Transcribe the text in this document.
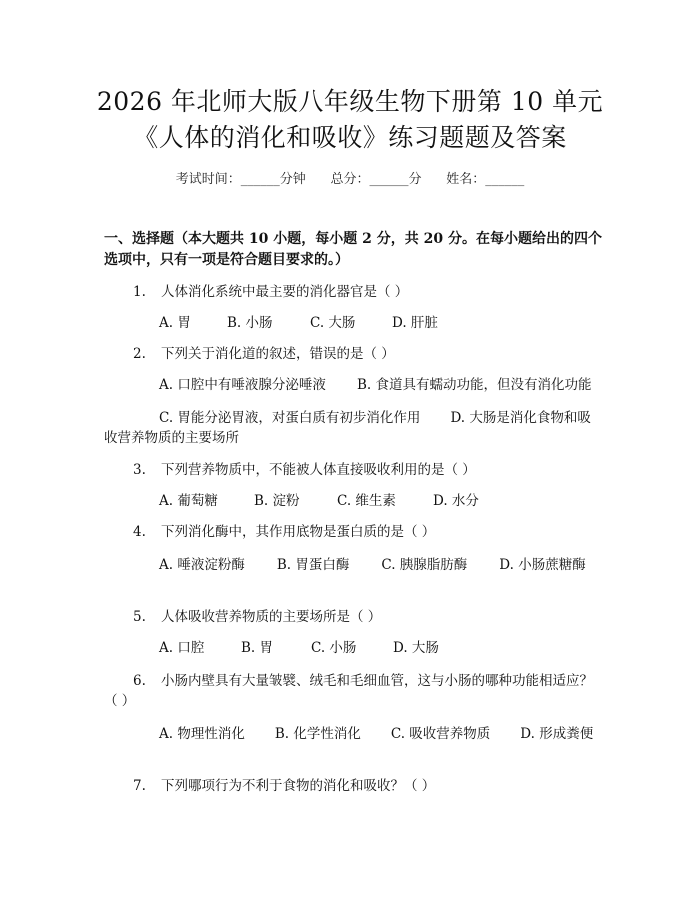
2026 年北师大版八年级生物下册第 10 单元
《人体的消化和吸收》练习题题及答案
考试时间：______分钟      总分：______分      姓名：______
一、选择题（本大题共 10 小题，每小题 2 分，共 20 分。在每小题给出的四个选项中，只有一项是符合题目要求的。）
1. 人体消化系统中最主要的消化器官是（ ）
A. 胃	B. 小肠	C. 大肠	D. 肝脏
2. 下列关于消化道的叙述，错误的是（ ）
A. 口腔中有唾液腺分泌唾液 B. 食道具有蠕动功能，但没有消化功能
C. 胃能分泌胃液，对蛋白质有初步消化作用 D. 大肠是消化食物和吸收营养物质的主要场所
3. 下列营养物质中，不能被人体直接吸收利用的是（ ）
A. 葡萄糖	B. 淀粉	C. 维生素	D. 水分
4. 下列消化酶中，其作用底物是蛋白质的是（ ）
A. 唾液淀粉酶 B. 胃蛋白酶 C. 胰腺脂肪酶 D. 小肠蔗糖酶
5. 人体吸收营养物质的主要场所是（ ）
A. 口腔	B. 胃	C. 小肠	D. 大肠
6. 小肠内壁具有大量皱襞、绒毛和毛细血管，这与小肠的哪种功能相适应？（ ）
A. 物理性消化 B. 化学性消化 C. 吸收营养物质 D. 形成粪便
7. 下列哪项行为不利于食物的消化和吸收？（ ）
